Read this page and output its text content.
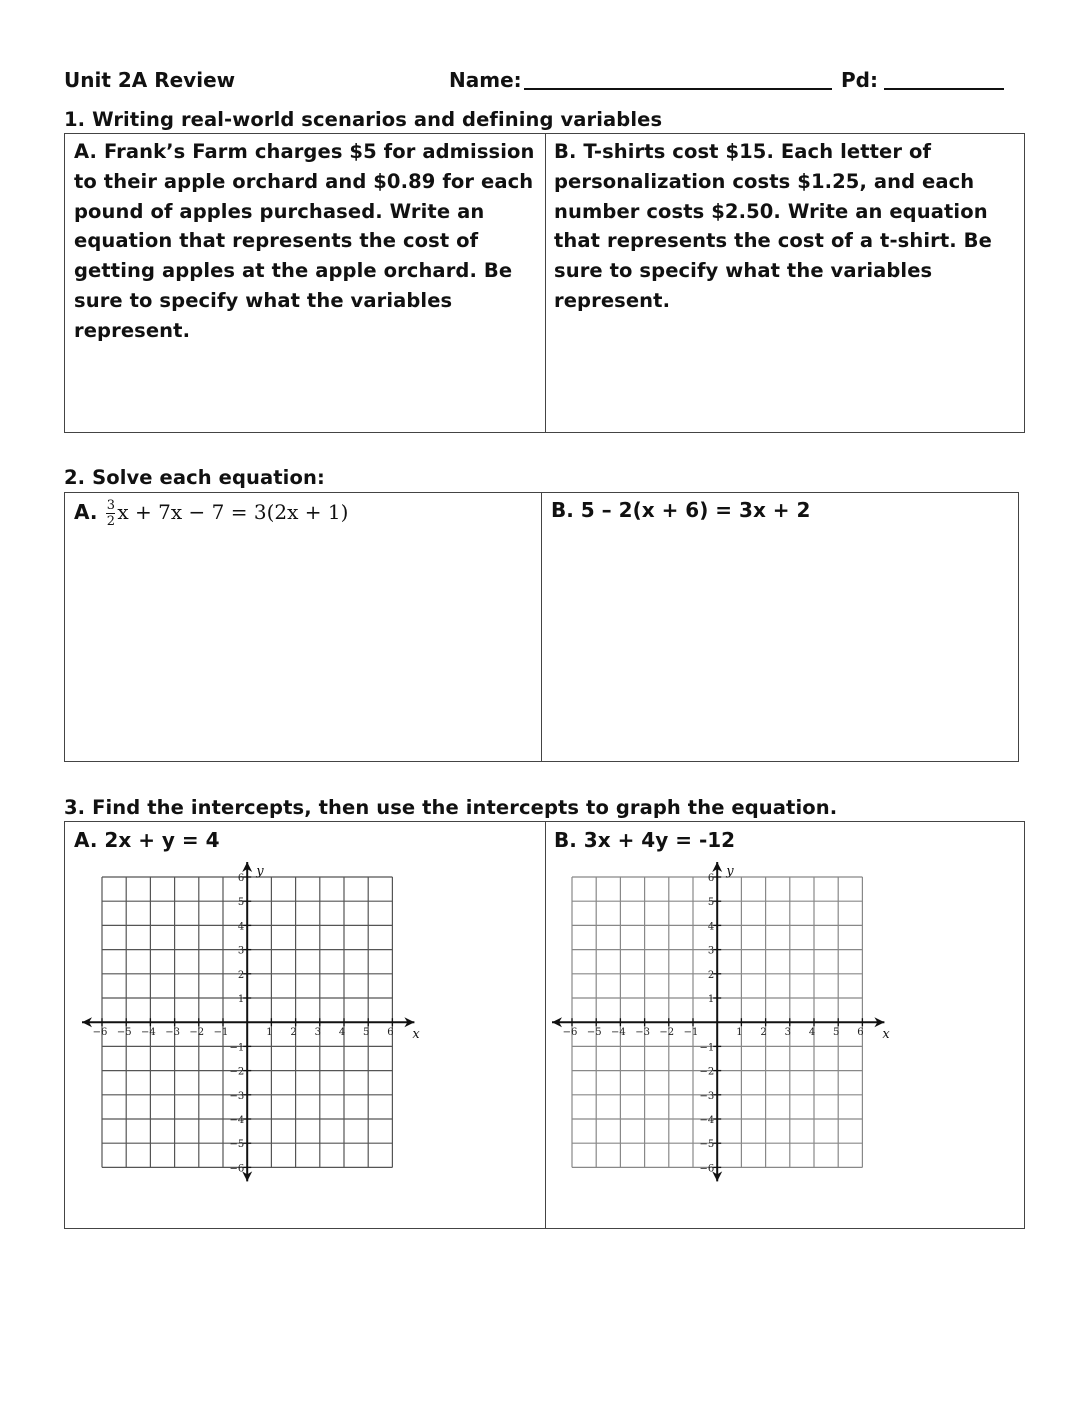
Unit 2A Review	Name:	Pd:
1. Writing real-world scenarios and defining variables
A. Frank’s Farm charges $5 for admission
to their apple orchard and $0.89 for each
pound of apples purchased. Write an
equation that represents the cost of
getting apples at the apple orchard. Be
sure to specify what the variables
represent.
B. T-shirts cost $15. Each letter of
personalization costs $1.25, and each
number costs $2.50. Write an equation
that represents the cost of a t-shirt. Be
sure to specify what the variables
represent.
2. Solve each equation:
A. $\frac{3}{2}$ x + 7x − 7 = 3(2x + 1)	B. 5 – 2(x + 6) = 3x + 2
3. Find the intercepts, then use the intercepts to graph the equation.
A. 2x + y = 4	B. 3x + 4y = -12
−6 −5 −4 −3 −2 −1	1 2 3 4 5 6
6
5
4
3
2
1
−1
−2
−3
−4
−5
−6
x
y
−6 −5 −4 −3 −2 −1	1 2 3 4 5 6
6
5
4
3
2
1
−1
−2
−3
−4
−5
−6
x
y
